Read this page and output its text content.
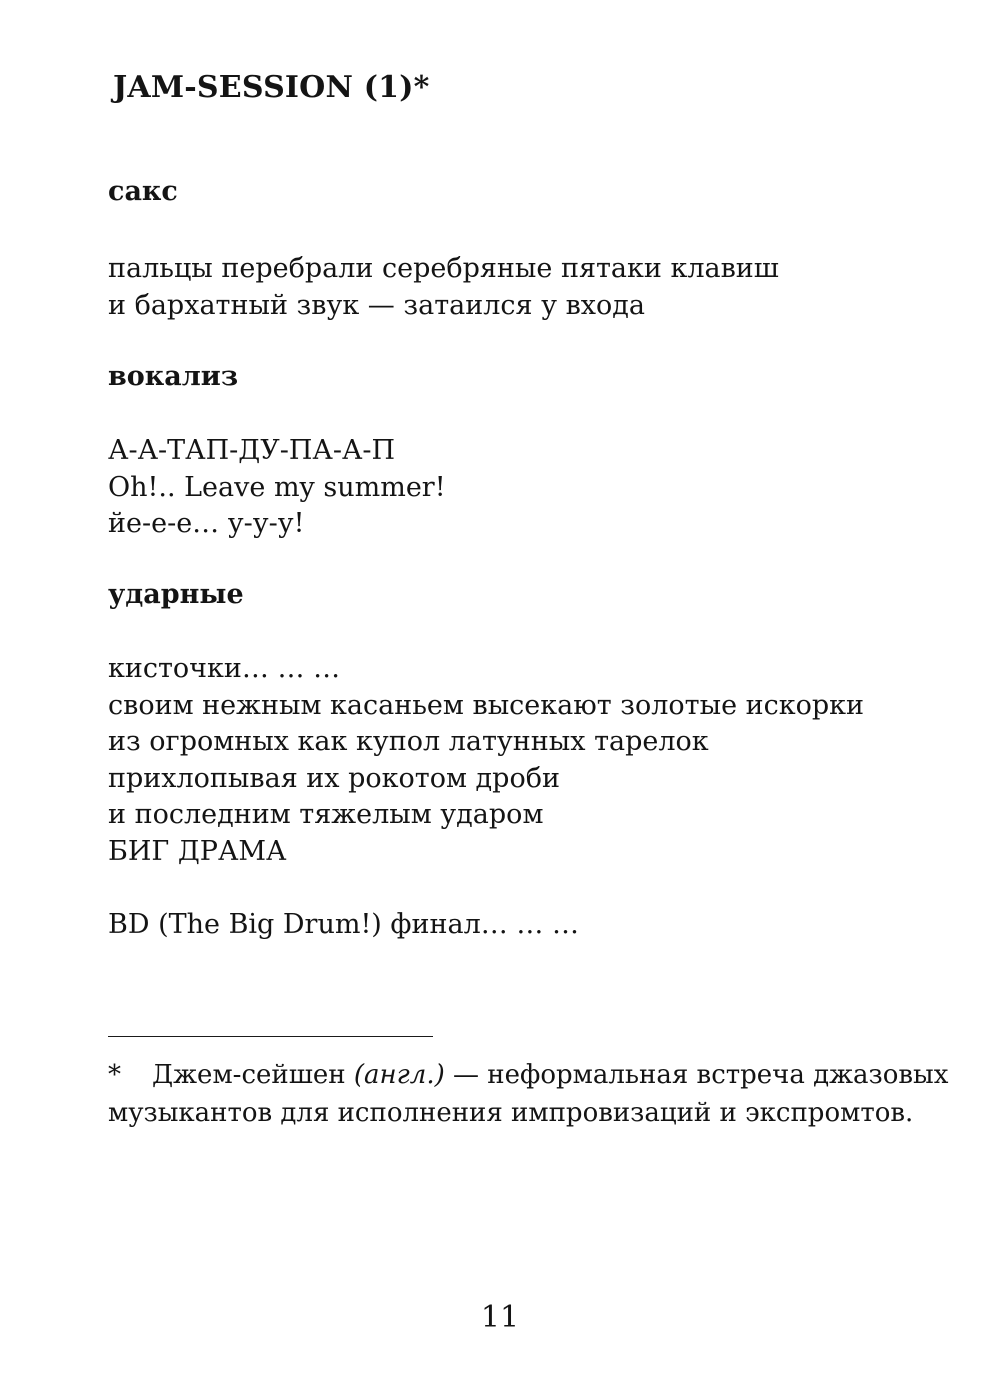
JAM-SESSION (1)*
сакс
пальцы перебрали серебряные пятаки клавиш
и бархатный звук — затаился у входа
вокализ
А-А-ТАП-ДУ-ПА-А-П
Oh!.. Leave my summer!
йе-е-е… у-у-у!
ударные
кисточки… … …
своим нежным касаньем высекают золотые искорки
из огромных как купол латунных тарелок
прихлопывая их рокотом дроби
и последним тяжелым ударом
БИГ ДРАМА
BD (The Big Drum!) финал… … …
*	Джем-сейшен (англ.) — неформальная встреча джазовых
музыкантов для исполнения импровизаций и экспромтов.
11
